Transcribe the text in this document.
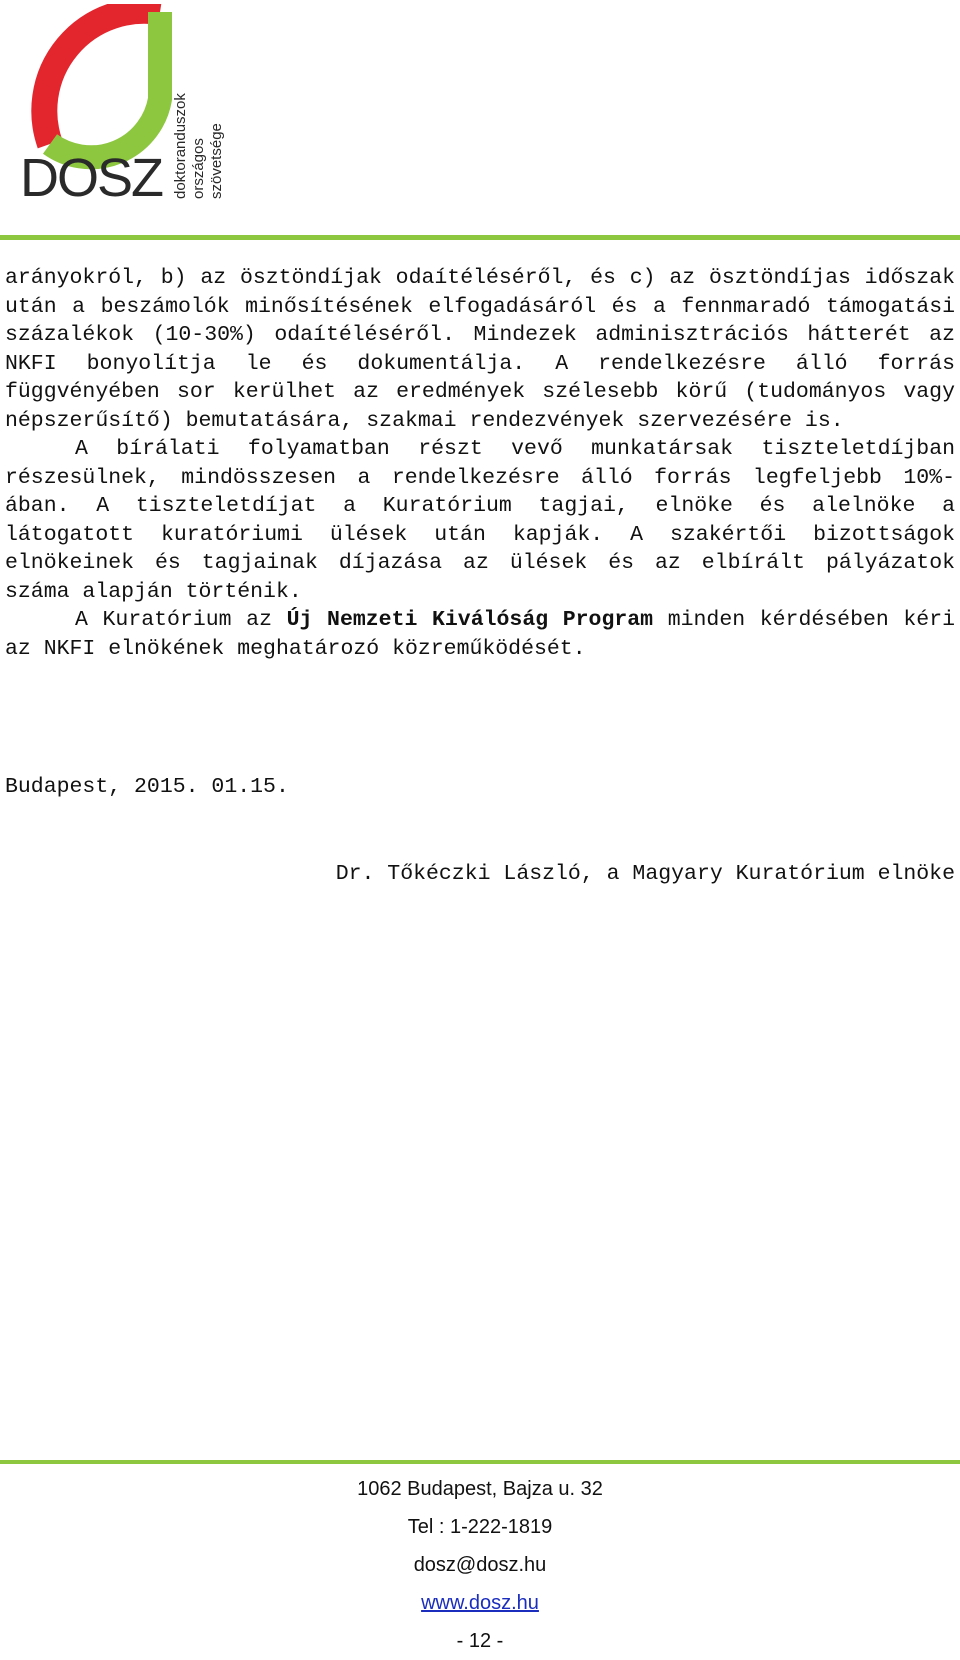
DOSZ doktoranduszok országos szövetsége

arányokról, b) az ösztöndíjak odaítéléséről, és c) az ösztöndíjas időszak után a beszámolók minősítésének elfogadásáról és a fennmaradó támogatási százalékok (10-30%) odaítéléséről. Mindezek adminisztrációs hátterét az NKFI bonyolítja le és dokumentálja. A rendelkezésre álló forrás függvényében sor kerülhet az eredmények szélesebb körű (tudományos vagy népszerűsítő) bemutatására, szakmai rendezvények szervezésére is.

A bírálati folyamatban részt vevő munkatársak tiszteletdíjban részesülnek, mindösszesen a rendelkezésre álló forrás legfeljebb 10%-ában. A tiszteletdíjat a Kuratórium tagjai, elnöke és alelnöke a látogatott kuratóriumi ülések után kapják. A szakértői bizottságok elnökeinek és tagjainak díjazása az ülések és az elbírált pályázatok száma alapján történik.

A Kuratórium az Új Nemzeti Kiválóság Program minden kérdésében kéri az NKFI elnökének meghatározó közreműködését.

Budapest, 2015. 01.15.
Dr. Tőkéczki László, a Magyary Kuratórium elnöke
1062 Budapest, Bajza u. 32
Tel : 1-222-1819
dosz@dosz.hu
www.dosz.hu
- 12 -
